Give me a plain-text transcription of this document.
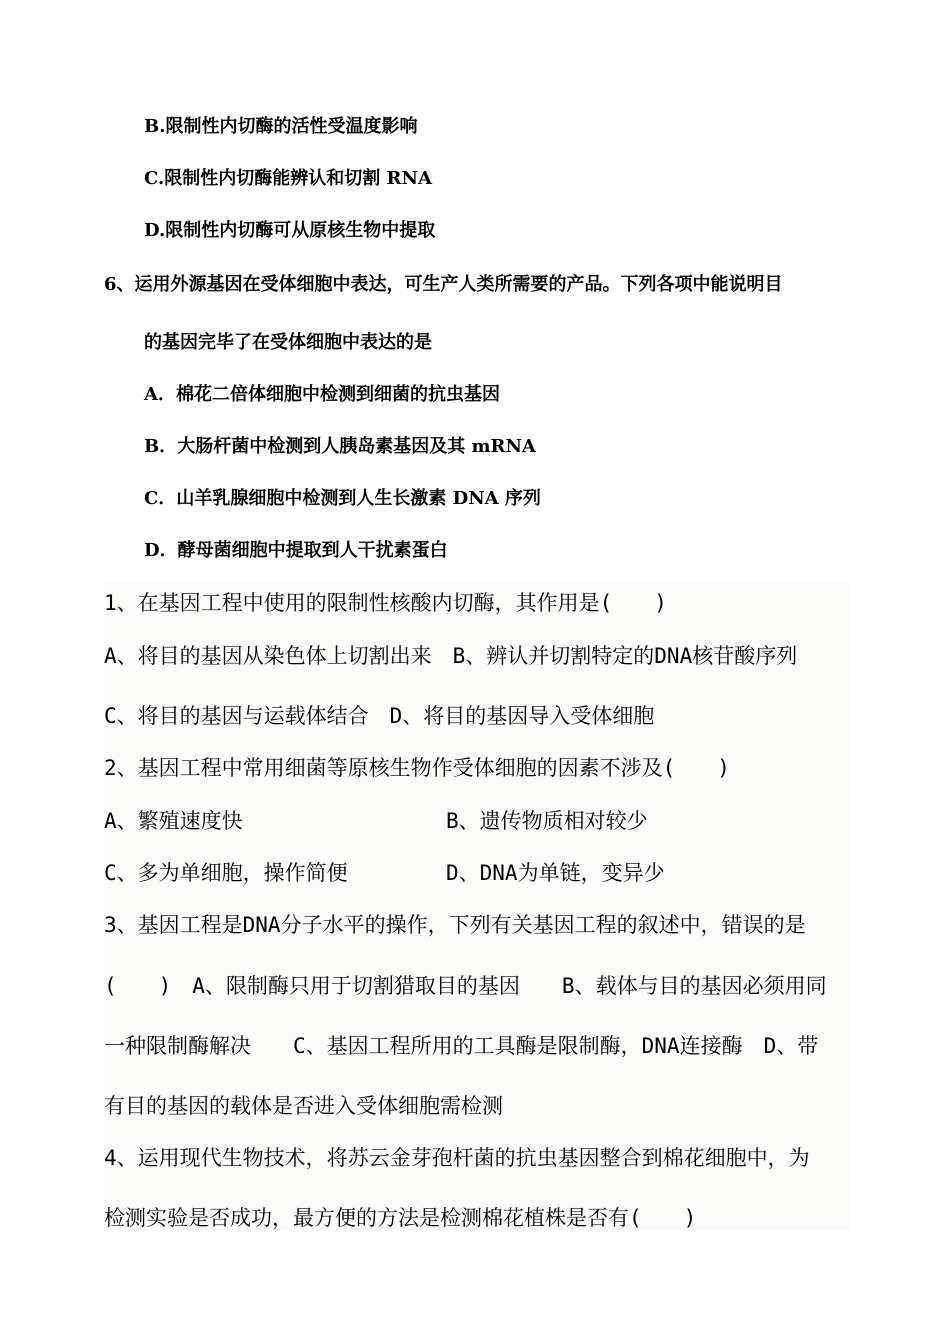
B.限制性内切酶的活性受温度影响
C.限制性内切酶能辨认和切割 RNA
D.限制性内切酶可从原核生物中提取
6、运用外源基因在受体细胞中表达，可生产人类所需要的产品。下列各项中能说明目
的基因完毕了在受体细胞中表达的是
A．棉花二倍体细胞中检测到细菌的抗虫基因
B．大肠杆菌中检测到人胰岛素基因及其 mRNA
C．山羊乳腺细胞中检测到人生长激素 DNA 序列
D．酵母菌细胞中提取到人干扰素蛋白
1、在基因工程中使用的限制性核酸内切酶，其作用是(　　)
A、将目的基因从染色体上切割出来　B、辨认并切割特定的DNA核苷酸序列
C、将目的基因与运载体结合　D、将目的基因导入受体细胞
2、基因工程中常用细菌等原核生物作受体细胞的因素不涉及(　　)
A、繁殖速度快	B、遗传物质相对较少
C、多为单细胞，操作简便	D、DNA为单链，变异少
3、基因工程是DNA分子水平的操作，下列有关基因工程的叙述中，错误的是
(　　)　A、限制酶只用于切割猎取目的基因　　B、载体与目的基因必须用同
一种限制酶解决　　C、基因工程所用的工具酶是限制酶，DNA连接酶　D、带
有目的基因的载体是否进入受体细胞需检测
4、运用现代生物技术，将苏云金芽孢杆菌的抗虫基因整合到棉花细胞中，为
检测实验是否成功，最方便的方法是检测棉花植株是否有(　　)
